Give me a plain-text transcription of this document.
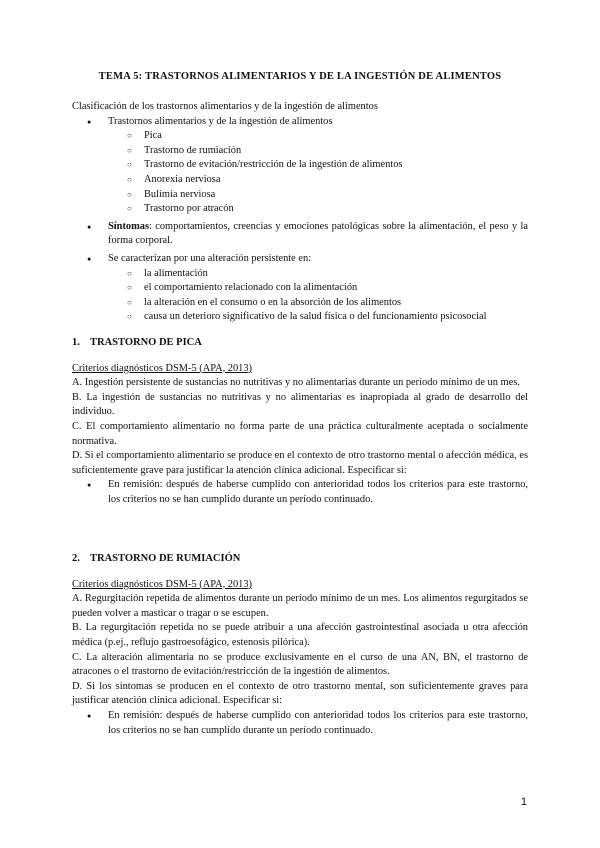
TEMA 5: TRASTORNOS ALIMENTARIOS Y DE LA INGESTIÓN DE ALIMENTOS

Clasificación de los trastornos alimentarios y de la ingestión de alimentos

● Trastornos alimentarios y de la ingestión de alimentos
○ Pica
○ Trastorno de rumiación
○ Trastorno de evitación/restricción de la ingestión de alimentos
○ Anorexia nerviosa
○ Bulimia nerviosa
○ Trastorno por atracón
● Síntomas: comportamientos, creencias y emociones patológicas sobre la alimentación, el peso y la forma corporal.
● Se caracterizan por una alteración persistente en:
○ la alimentación
○ el comportamiento relacionado con la alimentación
○ la alteración en el consumo o en la absorción de los alimentos
○ causa un deterioro significativo de la salud física o del funcionamiento psicosocial

1. TRASTORNO DE PICA

Criterios diagnósticos DSM-5 (APA, 2013)

A. Ingestión persistente de sustancias no nutritivas y no alimentarias durante un período mínimo de un mes.

B. La ingestión de sustancias no nutritivas y no alimentarias es inapropiada al grado de desarrollo del individuo.

C. El comportamiento alimentario no forma parte de una práctica culturalmente aceptada o socialmente normativa.

D. Si el comportamiento alimentario se produce en el contexto de otro trastorno mental o afección médica, es suficientemente grave para justificar la atención clínica adicional. Especificar si:

● En remisión: después de haberse cumplido con anterioridad todos los criterios para este trastorno, los criterios no se han cumplido durante un período continuado.

2. TRASTORNO DE RUMIACIÓN

Criterios diagnósticos DSM-5 (APA, 2013)

A. Regurgitación repetida de alimentos durante un período mínimo de un mes. Los alimentos regurgitados se pueden volver a masticar o tragar o se escupen.

B. La regurgitación repetida no se puede atribuir a una afección gastrointestinal asociada u otra afección médica (p.ej., reflujo gastroesofágico, estenosis pilórica).

C. La alteración alimentaria no se produce exclusivamente en el curso de una AN, BN, el trastorno de atracones o el trastorno de evitación/restricción de la ingestión de alimentos.

D. Si los síntomas se producen en el contexto de otro trastorno mental, son suficientemente graves para justificar atención clínica adicional. Especificar si:

● En remisión: después de haberse cumplido con anterioridad todos los criterios para este trastorno, los criterios no se han cumplido durante un período continuado.
1
